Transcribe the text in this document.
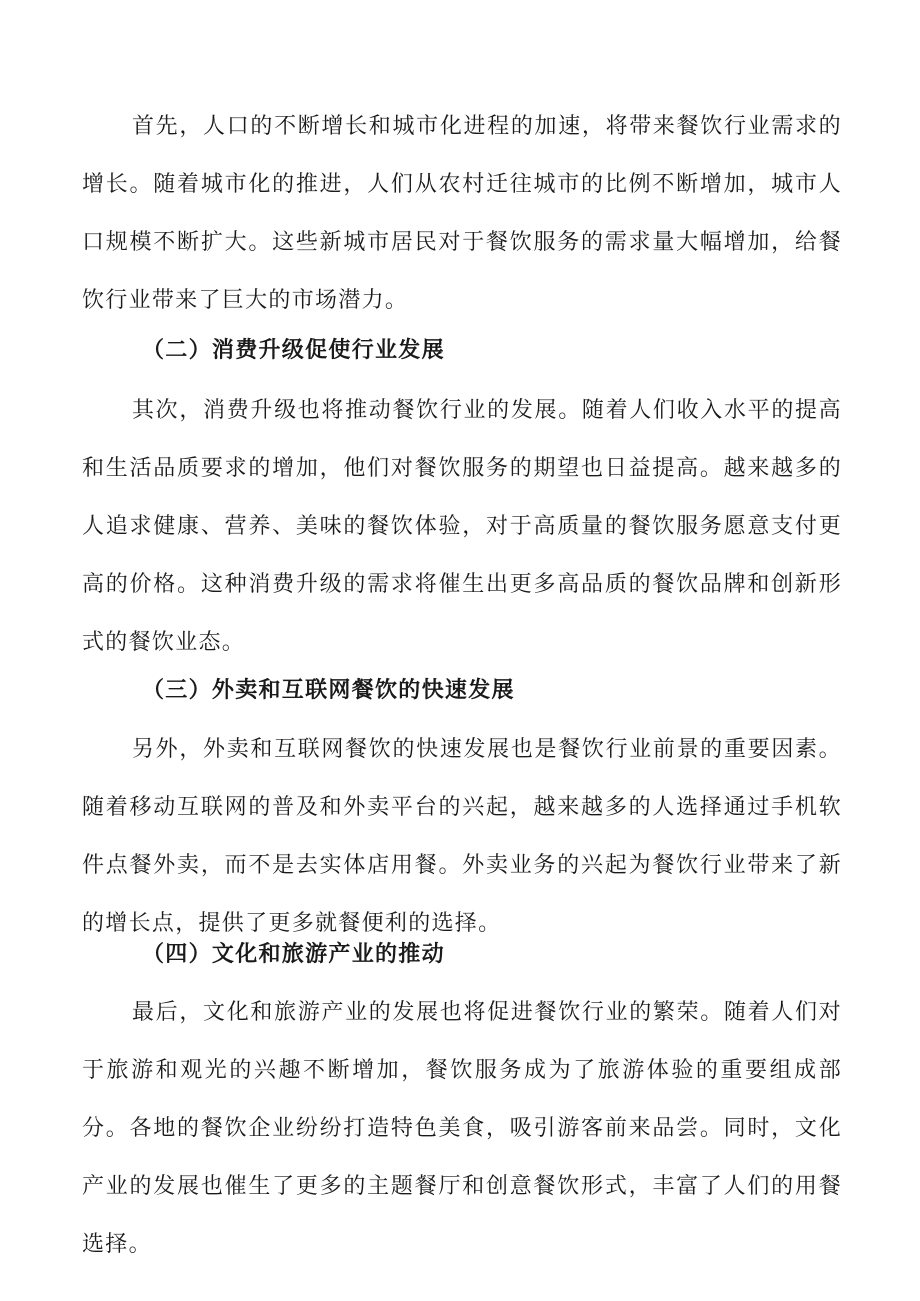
首先，人口的不断增长和城市化进程的加速，将带来餐饮行业需求的增长。随着城市化的推进，人们从农村迁往城市的比例不断增加，城市人口规模不断扩大。这些新城市居民对于餐饮服务的需求量大幅增加，给餐饮行业带来了巨大的市场潜力。

（二）消费升级促使行业发展

其次，消费升级也将推动餐饮行业的发展。随着人们收入水平的提高和生活品质要求的增加，他们对餐饮服务的期望也日益提高。越来越多的人追求健康、营养、美味的餐饮体验，对于高质量的餐饮服务愿意支付更高的价格。这种消费升级的需求将催生出更多高品质的餐饮品牌和创新形式的餐饮业态。

（三）外卖和互联网餐饮的快速发展

另外，外卖和互联网餐饮的快速发展也是餐饮行业前景的重要因素。随着移动互联网的普及和外卖平台的兴起，越来越多的人选择通过手机软件点餐外卖，而不是去实体店用餐。外卖业务的兴起为餐饮行业带来了新的增长点，提供了更多就餐便利的选择。

（四）文化和旅游产业的推动

最后，文化和旅游产业的发展也将促进餐饮行业的繁荣。随着人们对于旅游和观光的兴趣不断增加，餐饮服务成为了旅游体验的重要组成部分。各地的餐饮企业纷纷打造特色美食，吸引游客前来品尝。同时，文化产业的发展也催生了更多的主题餐厅和创意餐饮形式，丰富了人们的用餐选择。
